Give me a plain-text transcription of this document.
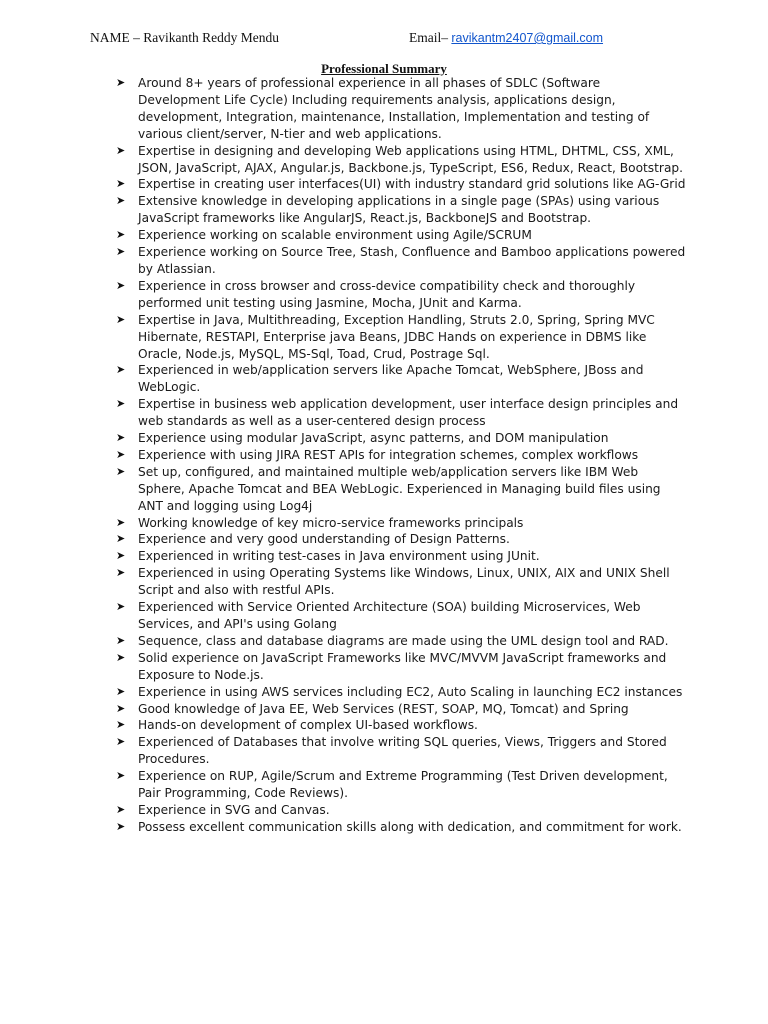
NAME – Ravikanth Reddy Mendu	Email– ravikantm2407@gmail.com
Professional Summary
➤	Around 8+ years of professional experience in all phases of SDLC (Software Development Life Cycle) Including requirements analysis, applications design, development, Integration, maintenance, Installation, Implementation and testing of various client/server, N-tier and web applications.
➤	Expertise in designing and developing Web applications using HTML, DHTML, CSS, XML, JSON, JavaScript, AJAX, Angular.js, Backbone.js, TypeScript, ES6, Redux, React, Bootstrap.
➤	Expertise in creating user interfaces(UI) with industry standard grid solutions like AG-Grid
➤	Extensive knowledge in developing applications in a single page (SPAs) using various JavaScript frameworks like AngularJS, React.js, BackboneJS and Bootstrap.
➤	Experience working on scalable environment using Agile/SCRUM
➤	Experience working on Source Tree, Stash, Confluence and Bamboo applications powered by Atlassian.
➤	Experience in cross browser and cross-device compatibility check and thoroughly performed unit testing using Jasmine, Mocha, JUnit and Karma.
➤	Expertise in Java, Multithreading, Exception Handling, Struts 2.0, Spring, Spring MVC Hibernate, RESTAPI, Enterprise java Beans, JDBC Hands on experience in DBMS like Oracle, Node.js, MySQL, MS-Sql, Toad, Crud, Postrage Sql.
➤	Experienced in web/application servers like Apache Tomcat, WebSphere, JBoss and WebLogic.
➤	Expertise in business web application development, user interface design principles and web standards as well as a user-centered design process
➤	Experience using modular JavaScript, async patterns, and DOM manipulation
➤	Experience with using JIRA REST APIs for integration schemes, complex workflows
➤	Set up, configured, and maintained multiple web/application servers like IBM Web Sphere, Apache Tomcat and BEA WebLogic. Experienced in Managing build files using ANT and logging using Log4j
➤	Working knowledge of key micro-service frameworks principals
➤	Experience and very good understanding of Design Patterns.
➤	Experienced in writing test-cases in Java environment using JUnit.
➤	Experienced in using Operating Systems like Windows, Linux, UNIX, AIX and UNIX Shell Script and also with restful APIs.
➤	Experienced with Service Oriented Architecture (SOA) building Microservices, Web Services, and API's using Golang
➤	Sequence, class and database diagrams are made using the UML design tool and RAD.
➤	Solid experience on JavaScript Frameworks like MVC/MVVM JavaScript frameworks and Exposure to Node.js.
➤	Experience in using AWS services including EC2, Auto Scaling in launching EC2 instances
➤	Good knowledge of Java EE, Web Services (REST, SOAP, MQ, Tomcat) and Spring
➤	Hands-on development of complex UI-based workflows.
➤	Experienced of Databases that involve writing SQL queries, Views, Triggers and Stored Procedures.
➤	Experience on RUP, Agile/Scrum and Extreme Programming (Test Driven development, Pair Programming, Code Reviews).
➤	Experience in SVG and Canvas.
➤	Possess excellent communication skills along with dedication, and commitment for work.
